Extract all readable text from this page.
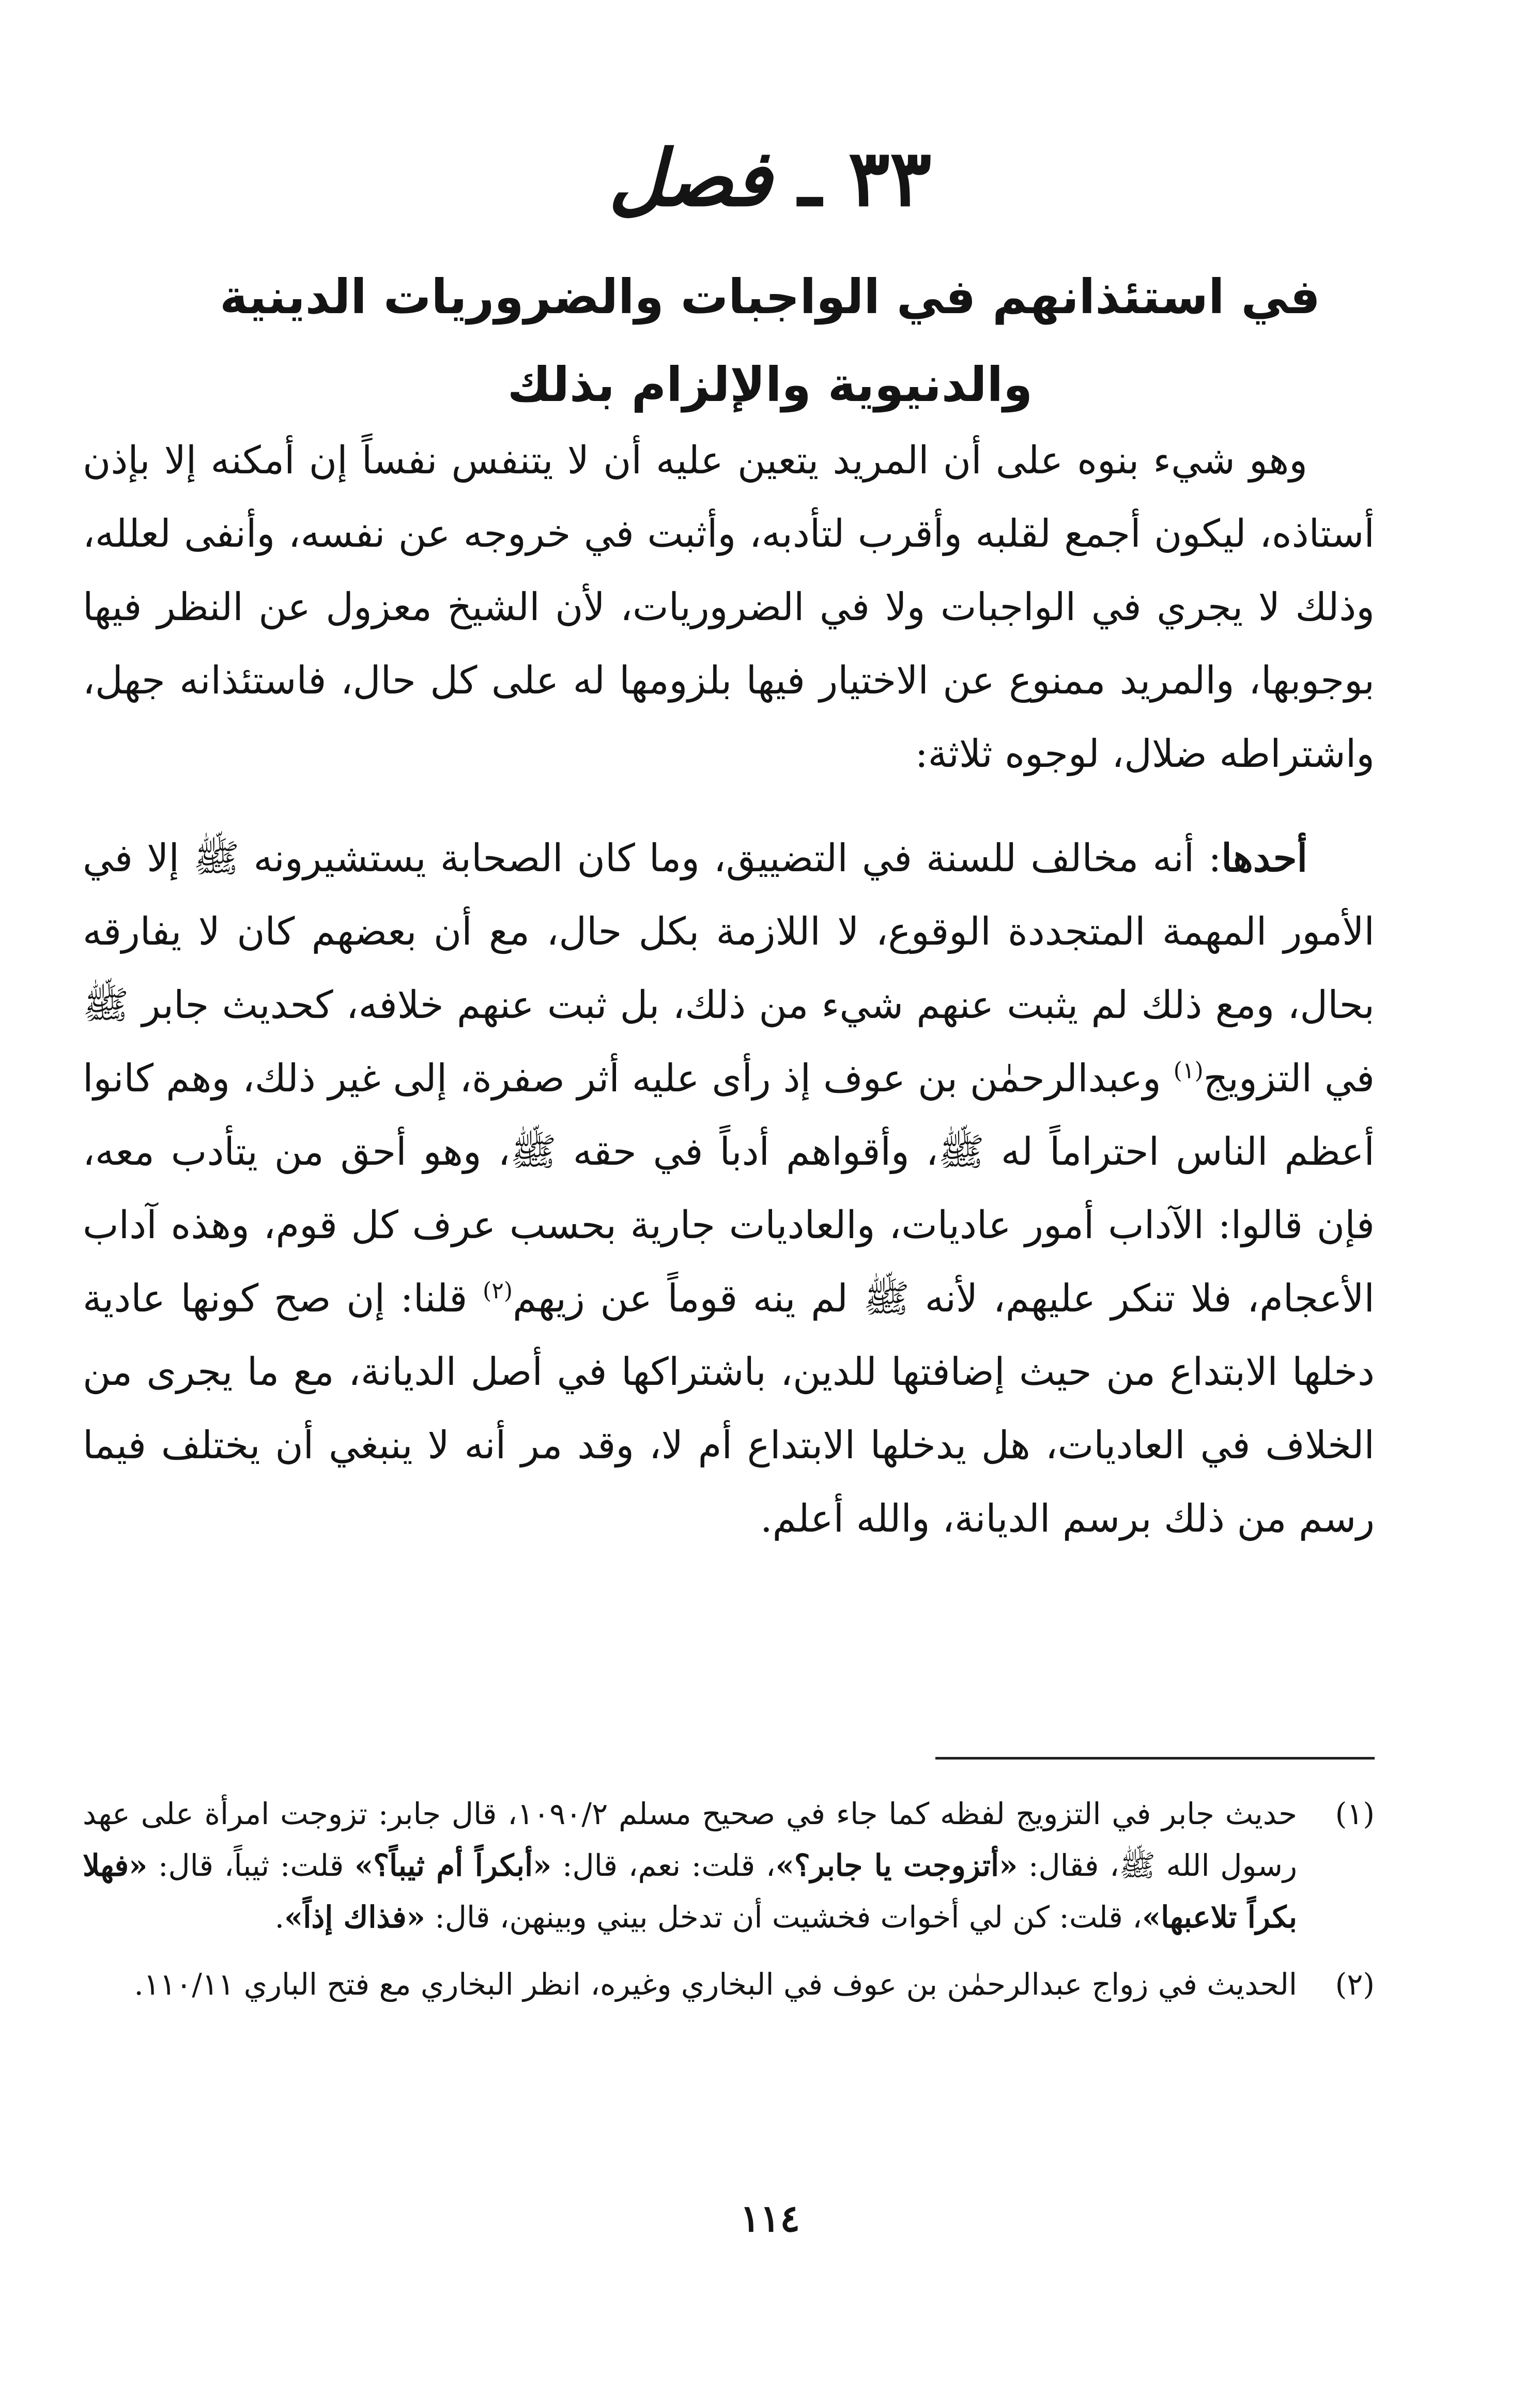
٣٣ ـ فصل
في استئذانهم في الواجبات والضروريات الدينية
والدنيوية والإلزام بذلك

وهو شيء بنوه على أن المريد يتعين عليه أن لا يتنفس نفساً إن أمكنه إلا بإذن أستاذه، ليكون أجمع لقلبه وأقرب لتأدبه، وأثبت في خروجه عن نفسه، وأنفى لعلله، وذلك لا يجري في الواجبات ولا في الضروريات، لأن الشيخ معزول عن النظر فيها بوجوبها، والمريد ممنوع عن الاختيار فيها بلزومها له على كل حال، فاستئذانه جهل، واشتراطه ضلال، لوجوه ثلاثة:

أحدها: أنه مخالف للسنة في التضييق، وما كان الصحابة يستشيرونه ﷺ إلا في الأمور المهمة المتجددة الوقوع، لا اللازمة بكل حال، مع أن بعضهم كان لا يفارقه بحال، ومع ذلك لم يثبت عنهم شيء من ذلك، بل ثبت عنهم خلافه، كحديث جابر ﷺ في التزويج$^{(١)}$ وعبدالرحمٰن بن عوف إذ رأى عليه أثر صفرة، إلى غير ذلك، وهم كانوا أعظم الناس احتراماً له ﷺ، وأقواهم أدباً في حقه ﷺ، وهو أحق من يتأدب معه، فإن قالوا: الآداب أمور عاديات، والعاديات جارية بحسب عرف كل قوم، وهذه آداب الأعجام، فلا تنكر عليهم، لأنه ﷺ لم ينه قوماً عن زيهم$^{(٢)}$ قلنا: إن صح كونها عادية دخلها الابتداع من حيث إضافتها للدين، باشتراكها في أصل الديانة، مع ما يجرى من الخلاف في العاديات، هل يدخلها الابتداع أم لا، وقد مر أنه لا ينبغي أن يختلف فيما رسم من ذلك برسم الديانة، والله أعلم.

(١)
حديث جابر في التزويج لفظه كما جاء في صحيح مسلم ١٠٩٠/٢، قال جابر: تزوجت امرأة على عهد رسول الله ﷺ، فقال: «أتزوجت يا جابر؟»، قلت: نعم، قال: «أبكراً أم ثيباً؟» قلت: ثيباً، قال: «فهلا بكراً تلاعبها»، قلت: كن لي أخوات فخشيت أن تدخل بيني وبينهن، قال: «فذاك إذاً».
(٢)
الحديث في زواج عبدالرحمٰن بن عوف في البخاري وغيره، انظر البخاري مع فتح الباري ١١٠/١١.
١١٤
